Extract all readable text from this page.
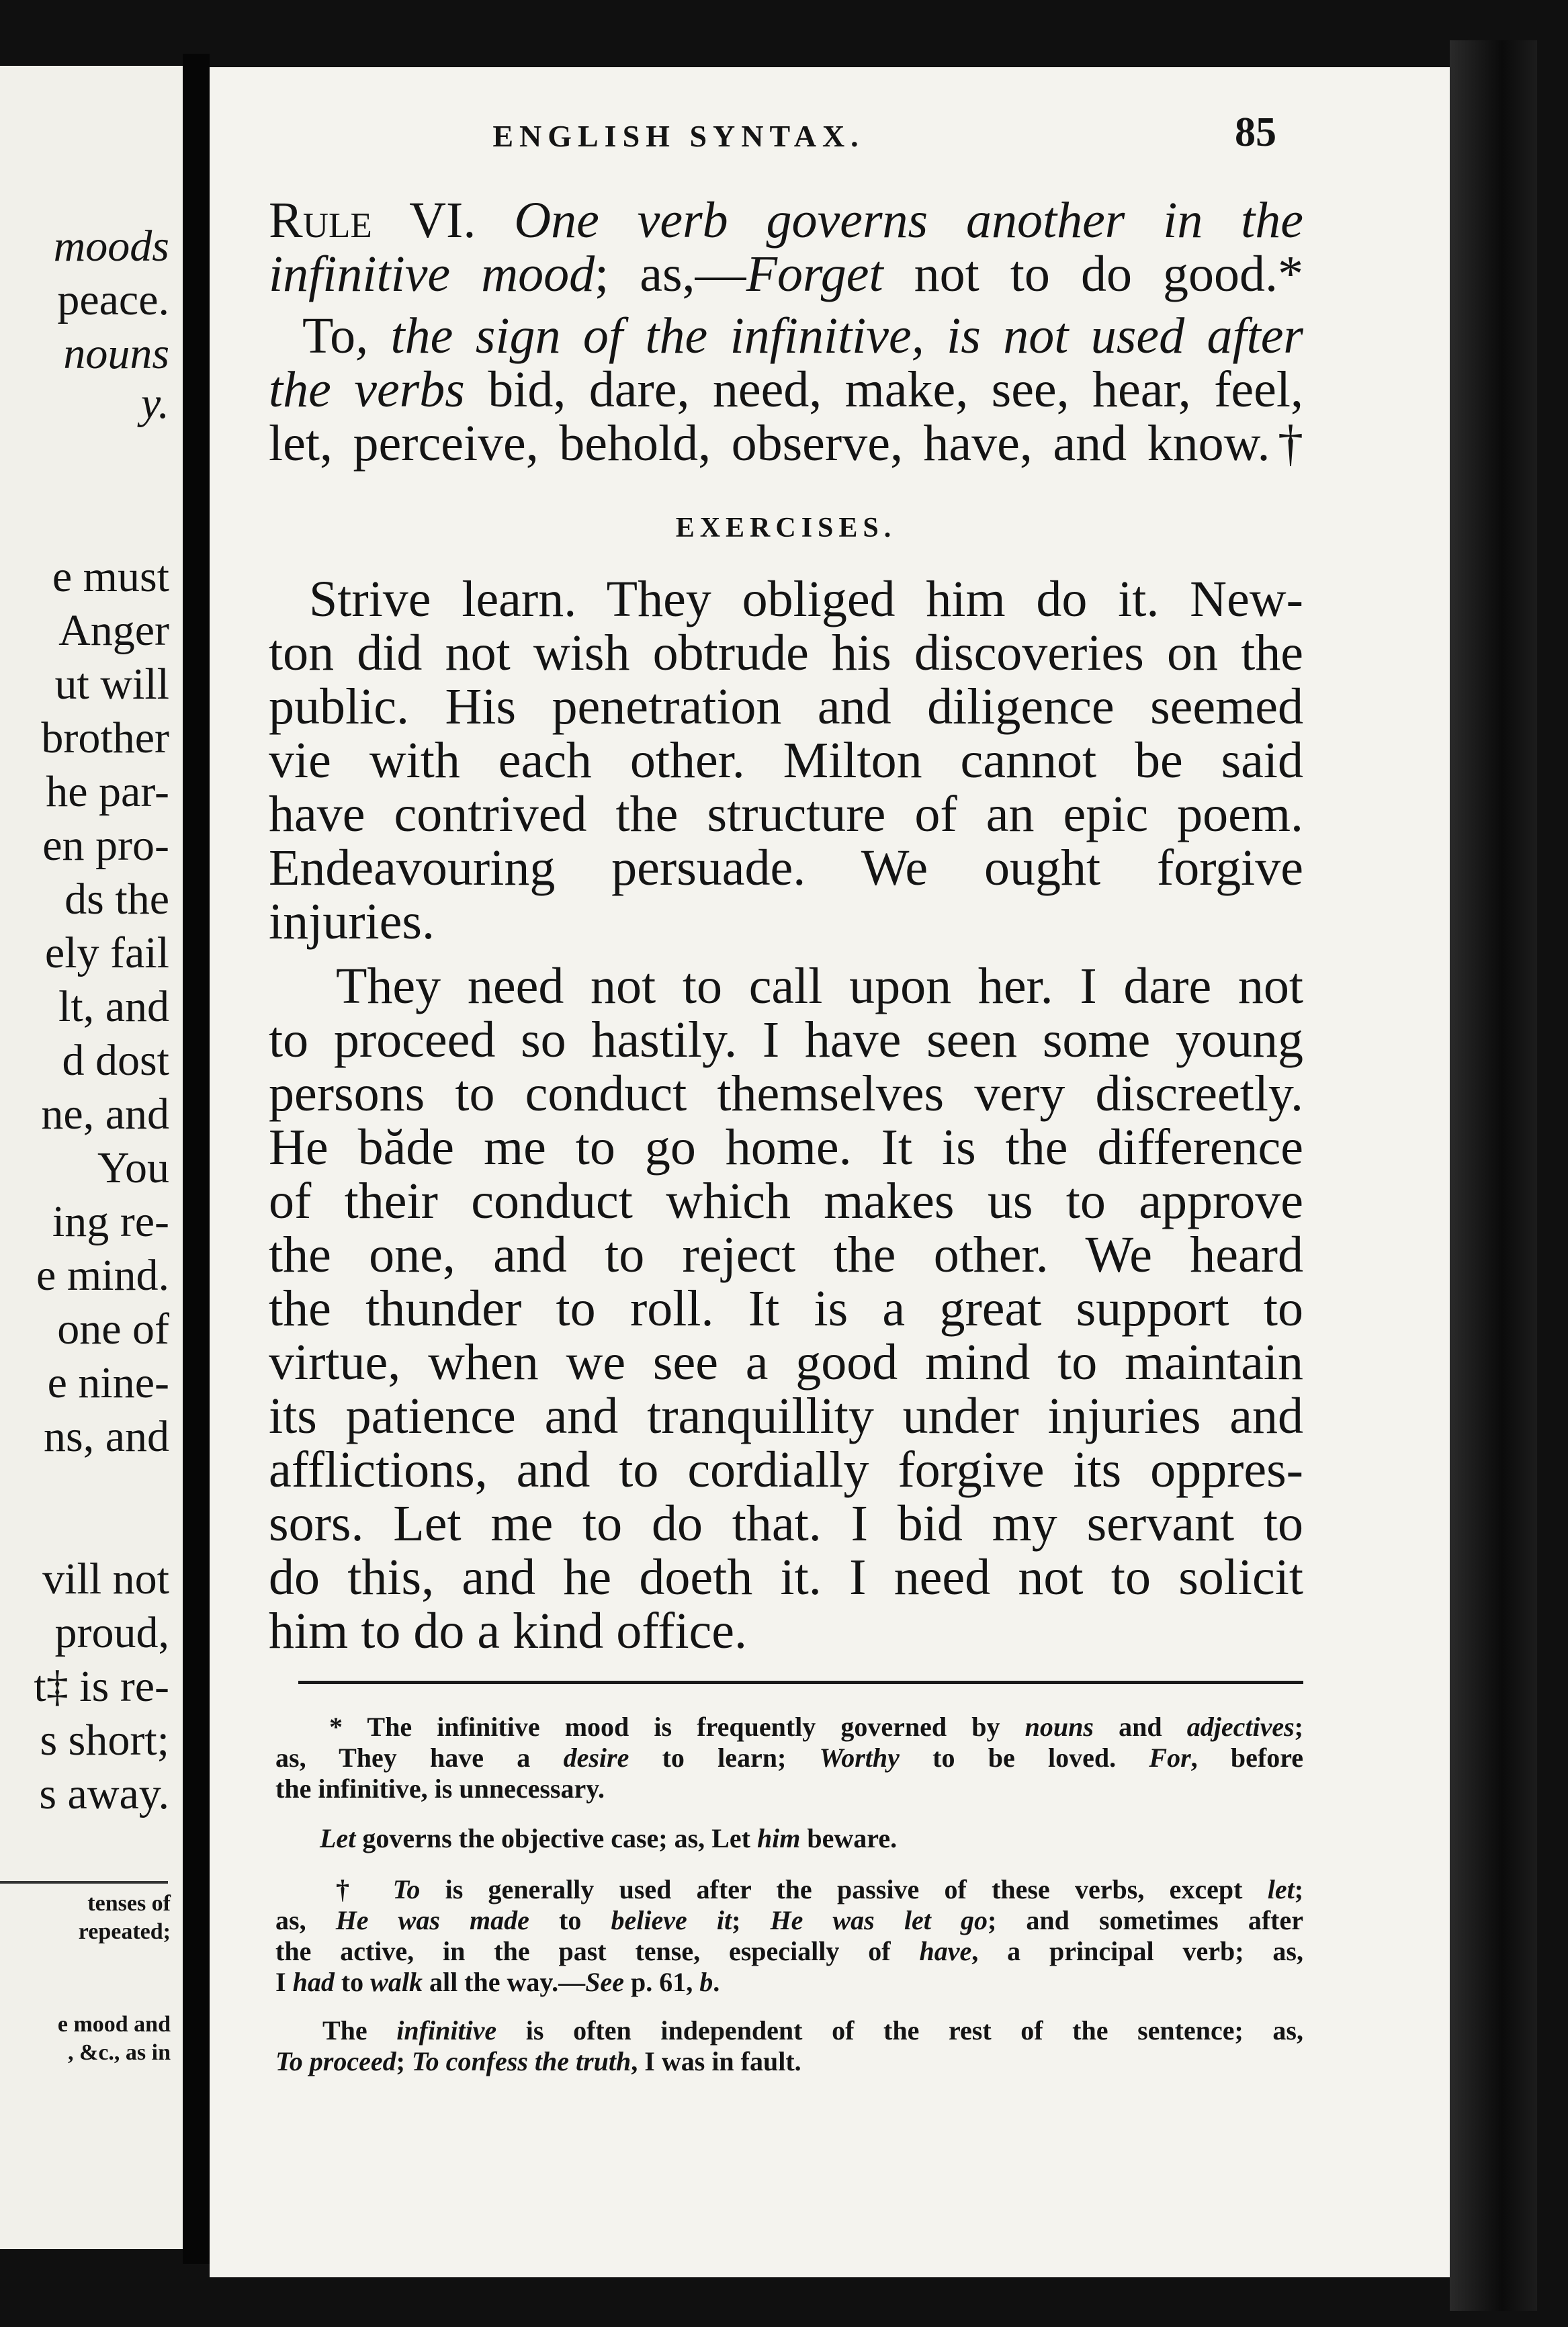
moods
peace.
nouns
y.
e must
Anger
ut will
brother
he par-
en pro-
ds the
ely fail
lt, and
d dost
ne, and
You
ing re-
e mind.
one of
e nine-
ns, and
vill not
proud,
t‡ is re-
s short;
s away.
tenses of
repeated;
e mood and
, &c., as in
ENGLISH SYNTAX.	85
Rule VI. One verb governs another in the
infinitive mood; as,—Forget not to do good.*
To, the sign of the infinitive, is not used after
the verbs bid, dare, need, make, see, hear, feel,
let, perceive, behold, observe, have, and know.†
EXERCISES.
Strive learn. They obliged him do it. New-
ton did not wish obtrude his discoveries on the
public. His penetration and diligence seemed
vie with each other. Milton cannot be said
have contrived the structure of an epic poem.
Endeavouring persuade. We ought forgive
injuries.
They need not to call upon her. I dare not
to proceed so hastily. I have seen some young
persons to conduct themselves very discreetly.
He băde me to go home. It is the difference
of their conduct which makes us to approve
the one, and to reject the other. We heard
the thunder to roll. It is a great support to
virtue, when we see a good mind to maintain
its patience and tranquillity under injuries and
afflictions, and to cordially forgive its oppres-
sors. Let me to do that. I bid my servant to
do this, and he doeth it. I need not to solicit
him to do a kind office.
* The infinitive mood is frequently governed by nouns and adjectives;
as, They have a desire to learn; Worthy to be loved. For, before
the infinitive, is unnecessary.
Let governs the objective case; as, Let him beware.
† To is generally used after the passive of these verbs, except let;
as, He was made to believe it; He was let go; and sometimes after
the active, in the past tense, especially of have, a principal verb; as,
I had to walk all the way.—See p. 61, b.
The infinitive is often independent of the rest of the sentence; as,
To proceed; To confess the truth, I was in fault.
